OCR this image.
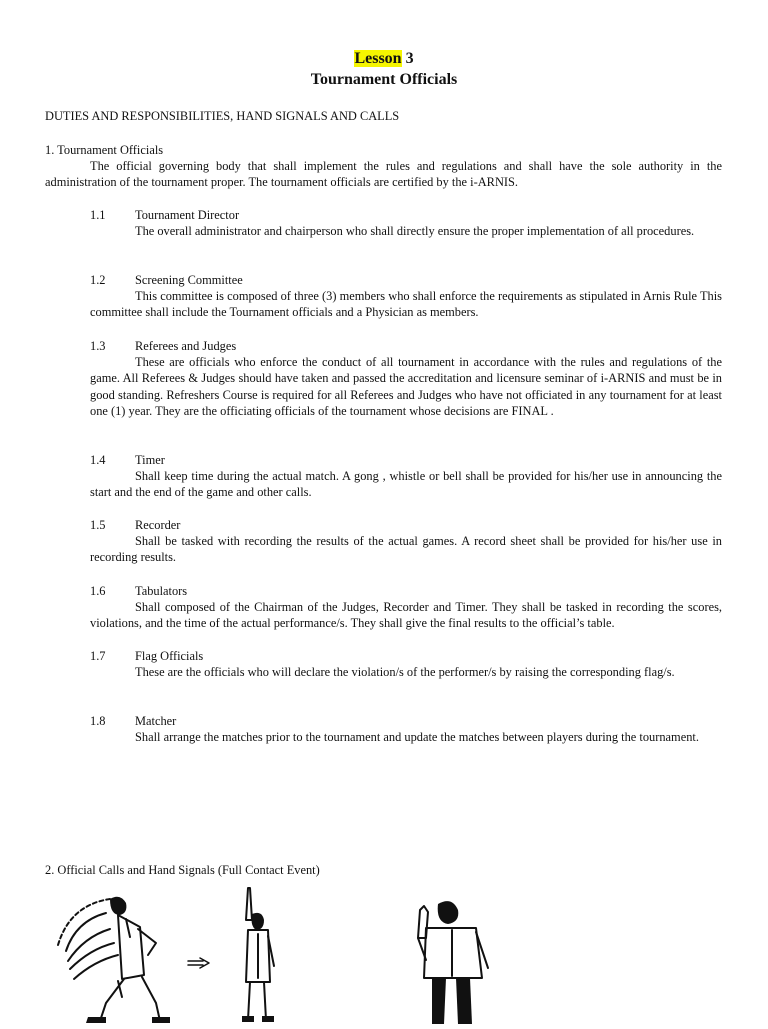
Lesson 3
Tournament Officials
DUTIES AND RESPONSIBILITIES, HAND SIGNALS AND CALLS
1. Tournament Officials
The official governing body that shall implement the rules and regulations and shall have the sole authority in the administration of the tournament proper. The tournament officials are certified by the i-ARNIS.
1.1 Tournament Director
The overall administrator and chairperson who shall directly ensure the proper implementation of all procedures.
1.2 Screening Committee
This committee is composed of three (3) members who shall enforce the requirements as stipulated in Arnis Rule This committee shall include the Tournament officials and a Physician as members.
1.3 Referees and Judges
These are officials who enforce the conduct of all tournament in accordance with the rules and regulations of the game. All Referees & Judges should have taken and passed the accreditation and licensure seminar of i-ARNIS and must be in good standing. Refreshers Course is required for all Referees and Judges who have not officiated in any tournament for at least one (1) year. They are the officiating officials of the tournament whose decisions are FINAL .
1.4 Timer
Shall keep time during the actual match. A gong , whistle or bell shall be provided for his/her use in announcing the start and the end of the game and other calls.
1.5 Recorder
Shall be tasked with recording the results of the actual games. A record sheet shall be provided for his/her use in recording results.
1.6 Tabulators
Shall composed of the Chairman of the Judges, Recorder and Timer. They shall be tasked in recording the scores, violations, and the time of the actual performance/s. They shall give the final results to the official’s table.
1.7 Flag Officials
These are the officials who will declare the violation/s of the performer/s by raising the corresponding flag/s.
1.8 Matcher
Shall arrange the matches prior to the tournament and update the matches between players during the tournament.
2. Official Calls and Hand Signals (Full Contact Event)
